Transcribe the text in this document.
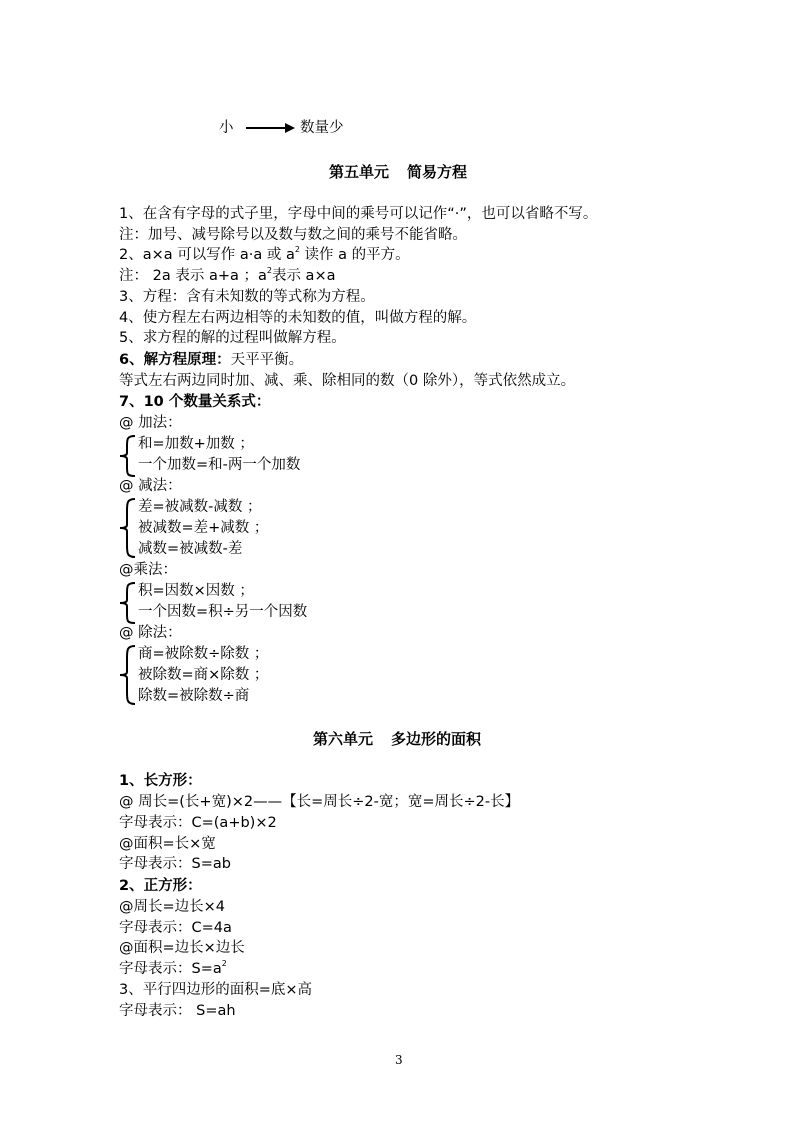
小	数量少
第五单元 简易方程
1、在含有字母的式子里，字母中间的乘号可以记作“·”，也可以省略不写。
注：加号、减号除号以及数与数之间的乘号不能省略。
2、a×a 可以写作 a·a 或 $a^2$ 读作 a 的平方。
注： 2a 表示 a+a ；$a^2$表示 a×a
3、方程：含有未知数的等式称为方程。
4、使方程左右两边相等的未知数的值，叫做方程的解。
5、求方程的解的过程叫做解方程。
6、解方程原理：天平平衡。
等式左右两边同时加、减、乘、除相同的数（0 除外），等式依然成立。
7、10 个数量关系式：
@ 加法：
和=加数+加数 ；
一个加数=和-两一个加数
@ 减法：
差=被减数-减数 ；
被减数=差+减数 ；
减数=被减数-差
@乘法：
积=因数×因数 ；
一个因数=积÷另一个因数
@ 除法：
商=被除数÷除数 ；
被除数=商×除数 ；
除数=被除数÷商
第六单元 多边形的面积
1、长方形：
@ 周长=(长+宽)×2——【长=周长÷2-宽；宽=周长÷2-长】
字母表示：C=(a+b)×2
@面积=长×宽
字母表示：S=ab
2、正方形：
@周长=边长×4
字母表示：C=4a
@面积=边长×边长
字母表示：$S=a^2$
3、平行四边形的面积=底×高
字母表示： S=ah
3
